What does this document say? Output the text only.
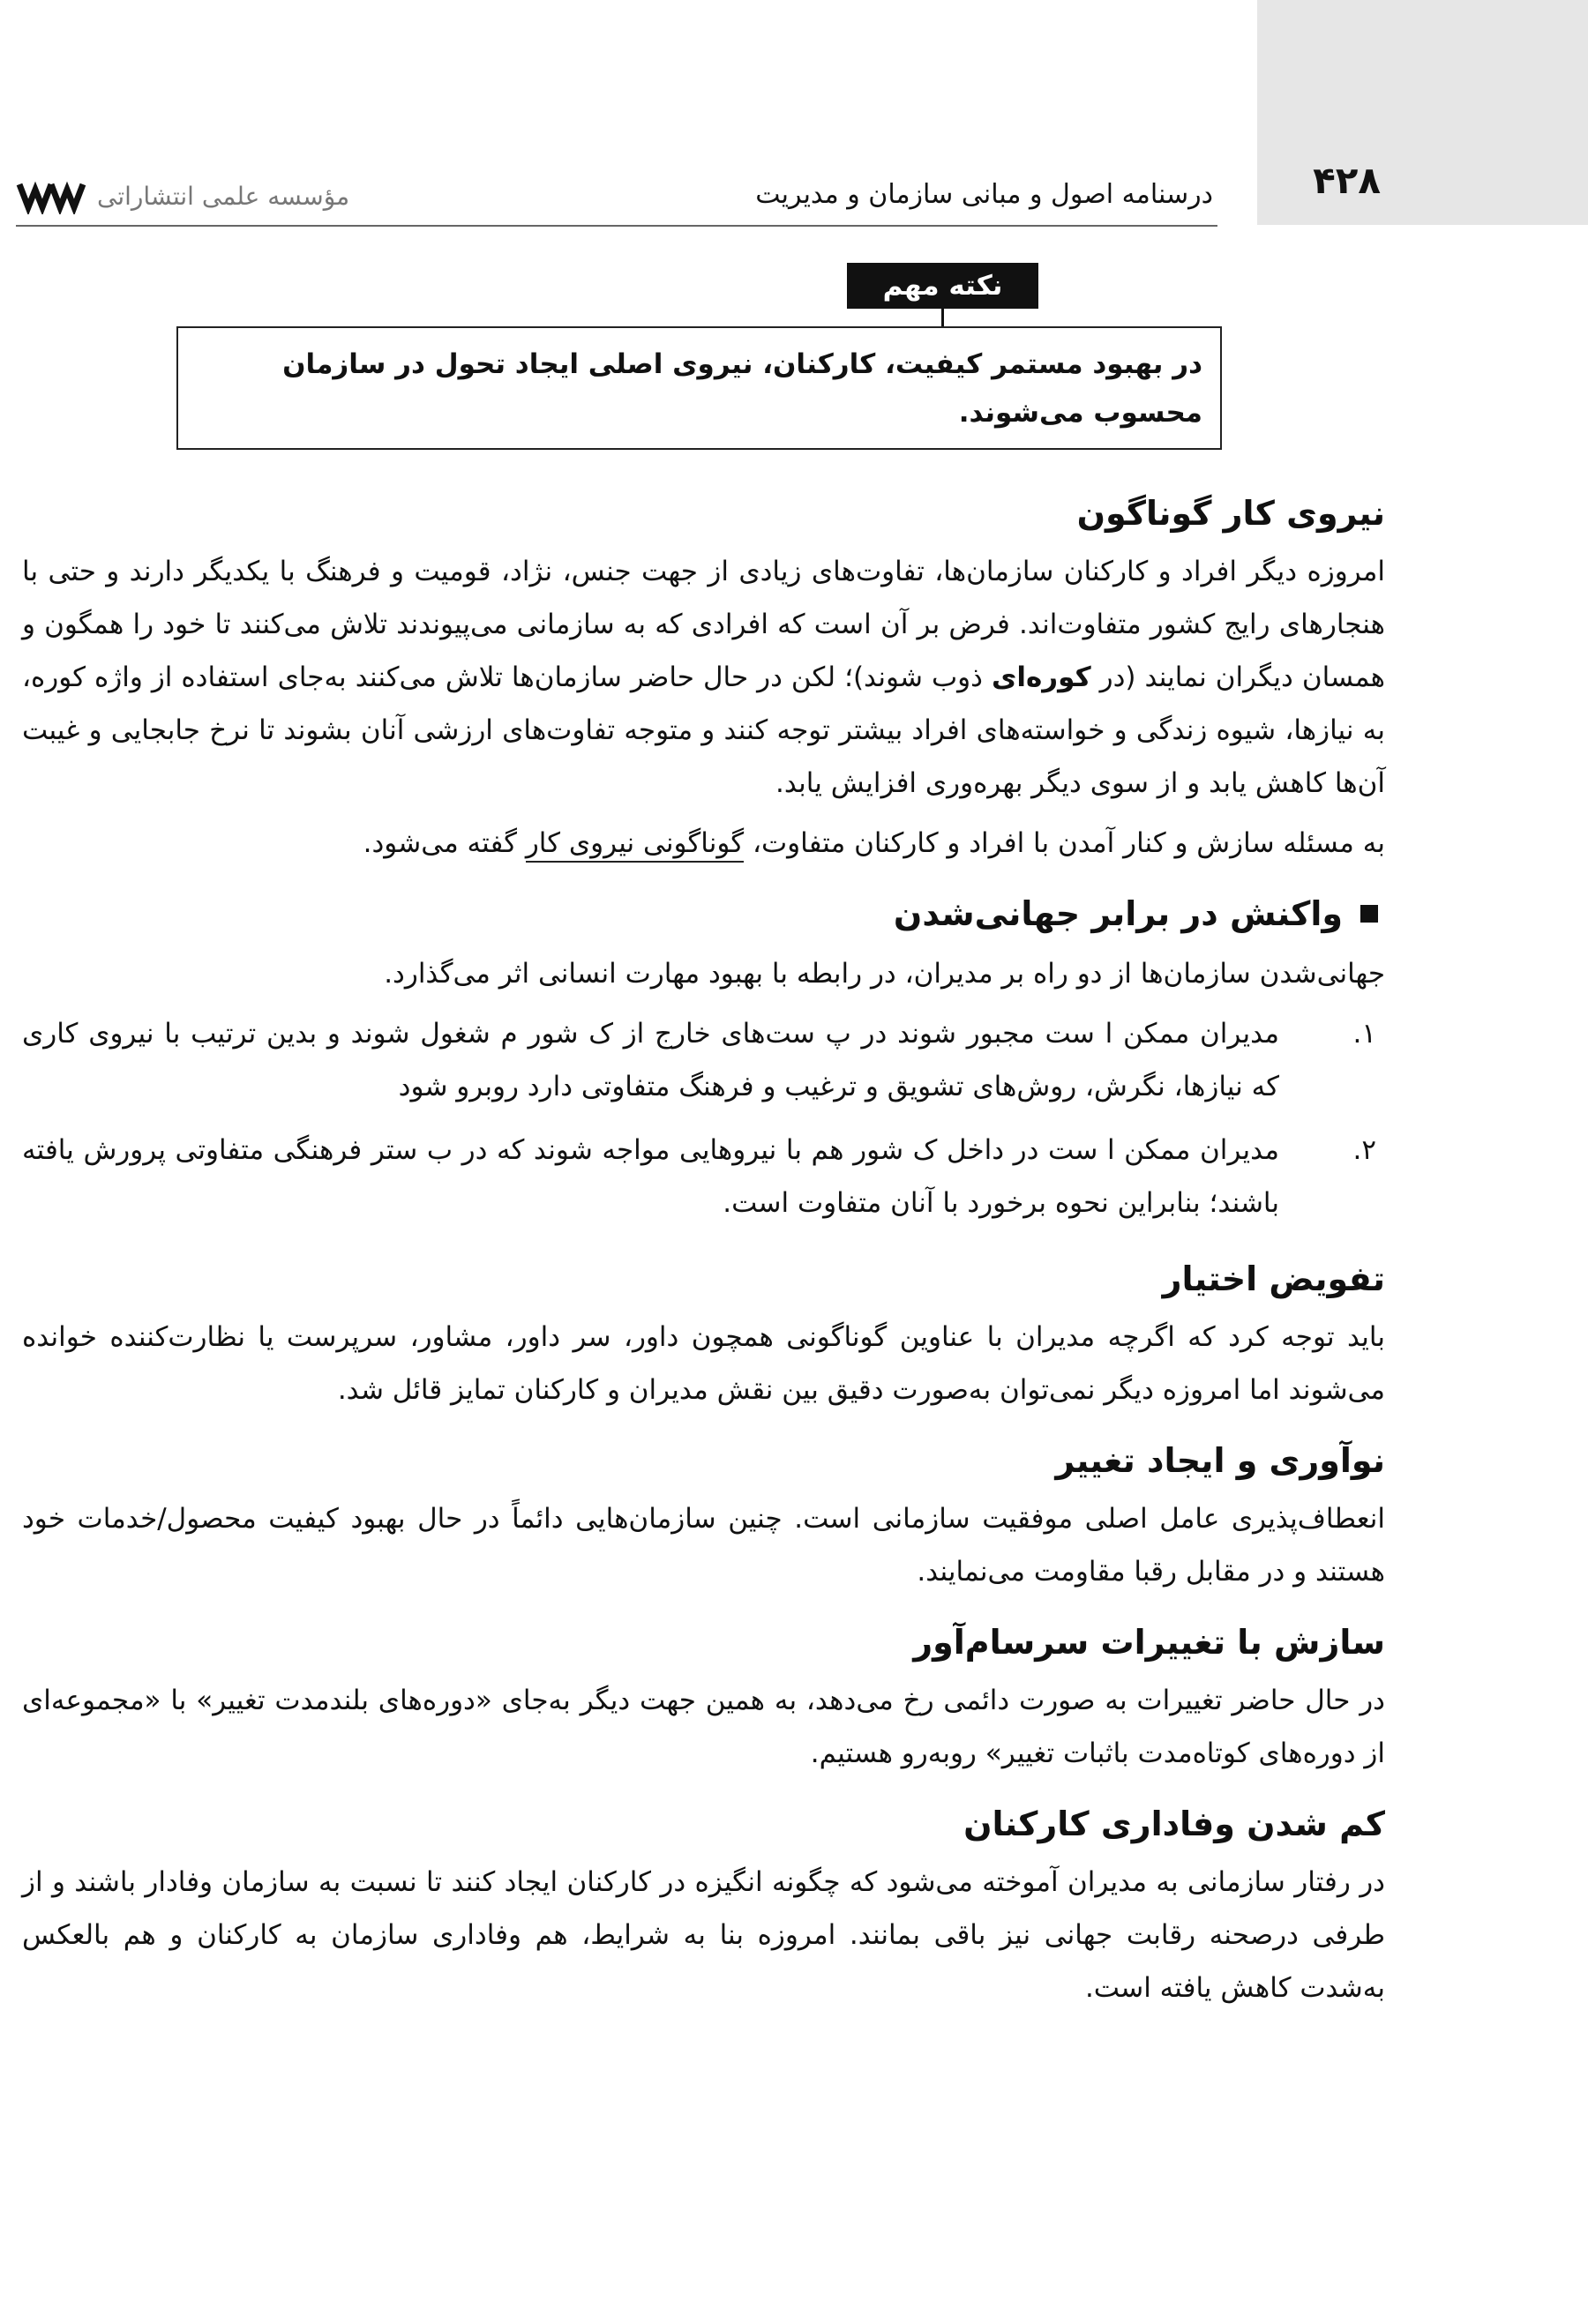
۴۲۸
درسنامه اصول و مبانی سازمان و مدیریت
مؤسسه علمی انتشاراتی
نکته مهم
در بهبود مستمر کیفیت، کارکنان، نیروی اصلی ایجاد تحول در سازمان محسوب می‌شوند.
نیروی کار گوناگون

امروزه دیگر افراد و کارکنان سازمان‌ها، تفاوت‌های زیادی از جهت جنس، نژاد، قومیت و فرهنگ با یکدیگر دارند و حتی با هنجارهای رایج کشور متفاوت‌اند. فرض بر آن است که افرادی که به سازمانی می‌پیوندند تلاش می‌کنند تا خود را همگون و همسان دیگران نمایند (در کوره‌ای ذوب شوند)؛ لکن در حال حاضر سازمان‌ها تلاش می‌کنند به‌جای استفاده از واژه کوره، به نیازها، شیوه زندگی و خواسته‌های افراد بیشتر توجه کنند و متوجه تفاوت‌های ارزشی آنان بشوند تا نرخ جابجایی و غیبت آن‌ها کاهش یابد و از سوی دیگر بهره‌وری افزایش یابد.

به مسئله سازش و کنار آمدن با افراد و کارکنان متفاوت، گوناگونی نیروی کار گفته می‌شود.

واکنش در برابر جهانی‌شدن

جهانی‌شدن سازمان‌ها از دو راه بر مدیران، در رابطه با بهبود مهارت انسانی اثر می‌گذارد.

۱.
مدیران ممکن ا ست مجبور شوند در پ ست‌های خارج از ک شور م شغول شوند و بدین ترتیب با نیروی کاری که نیازها، نگرش، روش‌های تشویق و ترغیب و فرهنگ متفاوتی دارد روبرو شود
۲.
مدیران ممکن ا ست در داخل ک شور هم با نیروهایی مواجه شوند که در ب ستر فرهنگی متفاوتی پرورش یافته باشند؛ بنابراین نحوه برخورد با آنان متفاوت است.
تفویض اختیار

باید توجه کرد که اگرچه مدیران با عناوین گوناگونی همچون داور، سر داور، مشاور، سرپرست یا نظارت‌کننده خوانده می‌شوند اما امروزه دیگر نمی‌توان به‌صورت دقیق بین نقش مدیران و کارکنان تمایز قائل شد.

نوآوری و ایجاد تغییر

انعطاف‌پذیری عامل اصلی موفقیت سازمانی است. چنین سازمان‌هایی دائماً در حال بهبود کیفیت محصول/خدمات خود هستند و در مقابل رقبا مقاومت می‌نمایند.

سازش با تغییرات سرسام‌آور

در حال حاضر تغییرات به صورت دائمی رخ می‌دهد، به همین جهت دیگر به‌جای «دوره‌های بلندمدت تغییر» با «مجموعه‌ای از دوره‌های کوتاه‌مدت باثبات تغییر» روبه‌رو هستیم.

کم شدن وفاداری کارکنان

در رفتار سازمانی به مدیران آموخته می‌شود که چگونه انگیزه در کارکنان ایجاد کنند تا نسبت به سازمان وفادار باشند و از طرفی درصحنه رقابت جهانی نیز باقی بمانند. امروزه بنا به شرایط، هم وفاداری سازمان به کارکنان و هم بالعکس به‌شدت کاهش یافته است.
